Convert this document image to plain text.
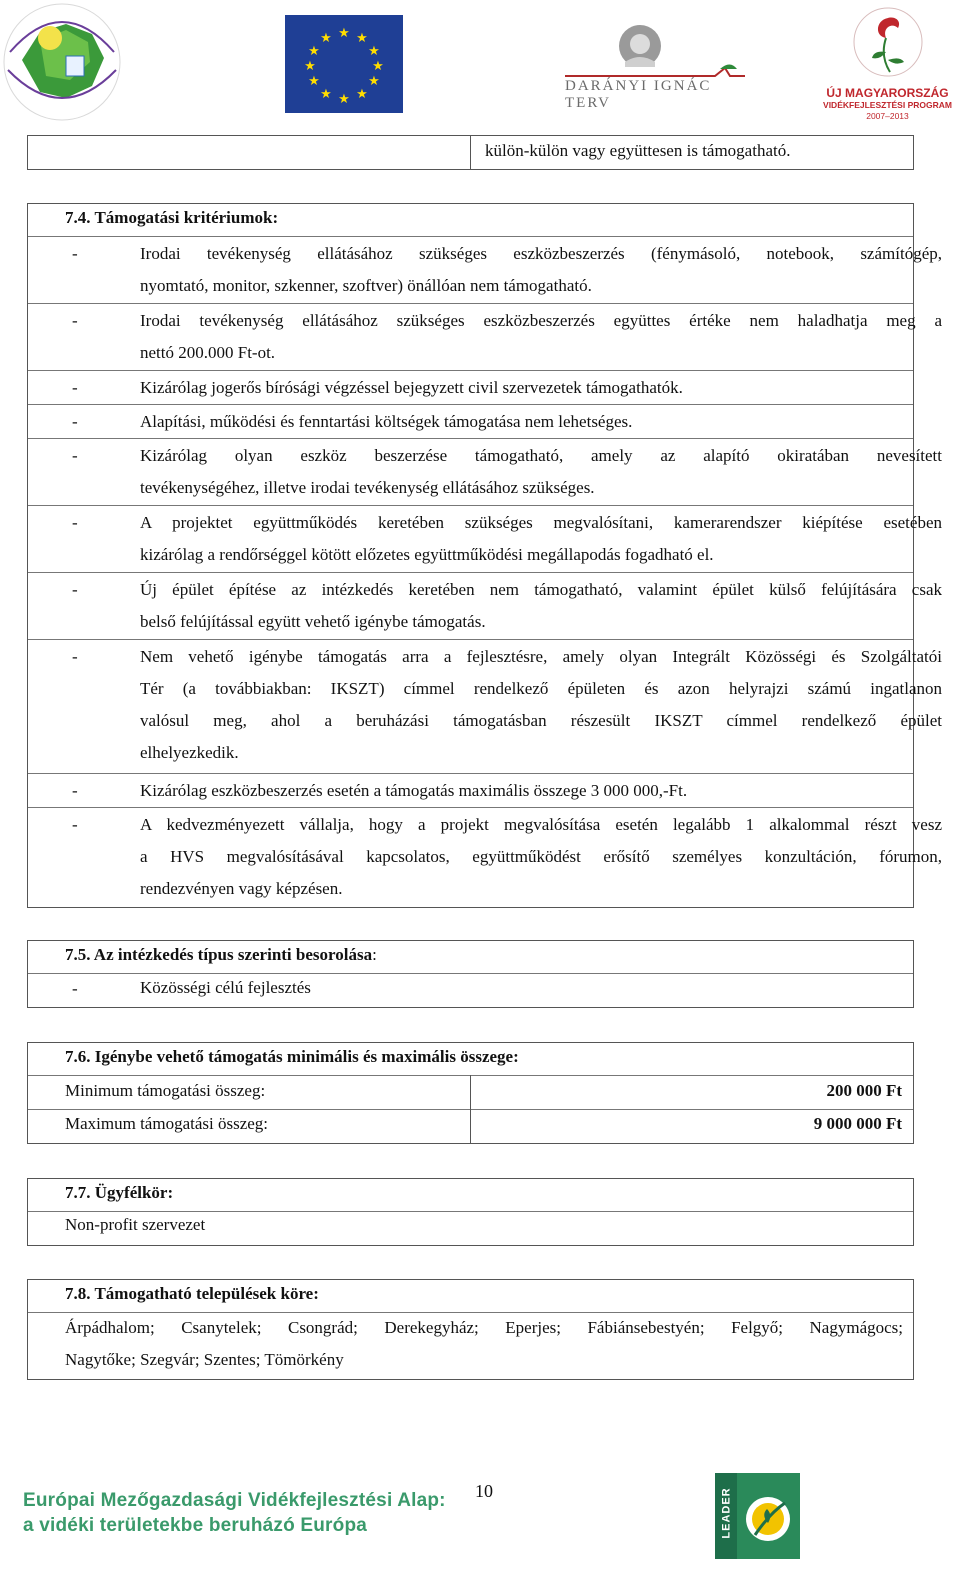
★ ★
★
★
★
★
★
★
★
★
★
★
DARÁNYI IGNÁC TERV
ÚJ MAGYARORSZÁG
VIDÉKFEJLESZTÉSI PROGRAM
2007–2013
külön-külön vagy együttesen is támogatható.
7.4. Támogatási kritériumok:
-	Irodai tevékenység ellátásához szükséges eszközbeszerzés (fénymásoló, notebook, számítógép,
nyomtató, monitor, szkenner, szoftver) önállóan nem támogatható.
-	Irodai tevékenység ellátásához szükséges eszközbeszerzés együttes értéke nem haladhatja meg a
nettó 200.000 Ft-ot.
-	Kizárólag jogerős bírósági végzéssel bejegyzett civil szervezetek támogathatók.
-	Alapítási, működési és fenntartási költségek támogatása nem lehetséges.
-	Kizárólag olyan eszköz beszerzése támogatható, amely az alapító okiratában nevesített
tevékenységéhez, illetve irodai tevékenység ellátásához szükséges.
-	A projektet együttműködés keretében szükséges megvalósítani, kamerarendszer kiépítése esetében
kizárólag a rendőrséggel kötött előzetes együttműködési megállapodás fogadható el.
-	Új épület építése az intézkedés keretében nem támogatható, valamint épület külső felújítására csak
belső felújítással együtt vehető igénybe támogatás.
-	Nem vehető igénybe támogatás arra a fejlesztésre, amely olyan Integrált Közösségi és Szolgáltatói
Tér (a továbbiakban: IKSZT) címmel rendelkező épületen és azon helyrajzi számú ingatlanon
valósul meg, ahol a beruházási támogatásban részesült IKSZT címmel rendelkező épület
elhelyezkedik.
-	Kizárólag eszközbeszerzés esetén a támogatás maximális összege 3 000 000,-Ft.
-	A kedvezményezett vállalja, hogy a projekt megvalósítása esetén legalább 1 alkalommal részt vesz
a HVS megvalósításával kapcsolatos, együttműködést erősítő személyes konzultáción, fórumon,
rendezvényen vagy képzésen.
7.5. Az intézkedés típus szerinti besorolása:
-	Közösségi célú fejlesztés
7.6. Igénybe vehető támogatás minimális és maximális összege:
Minimum támogatási összeg:	200 000 Ft
Maximum támogatási összeg:	9 000 000 Ft
7.7. Ügyfélkör:
Non-profit szervezet
7.8. Támogatható települések köre:
Árpádhalom; Csanytelek; Csongrád; Derekegyház; Eperjes; Fábiánsebestyén; Felgyő; Nagymágocs;
Nagytőke; Szegvár; Szentes; Tömörkény
Európai Mezőgazdasági Vidékfejlesztési Alap:
a vidéki területekbe beruházó Európa
10	LEADER
